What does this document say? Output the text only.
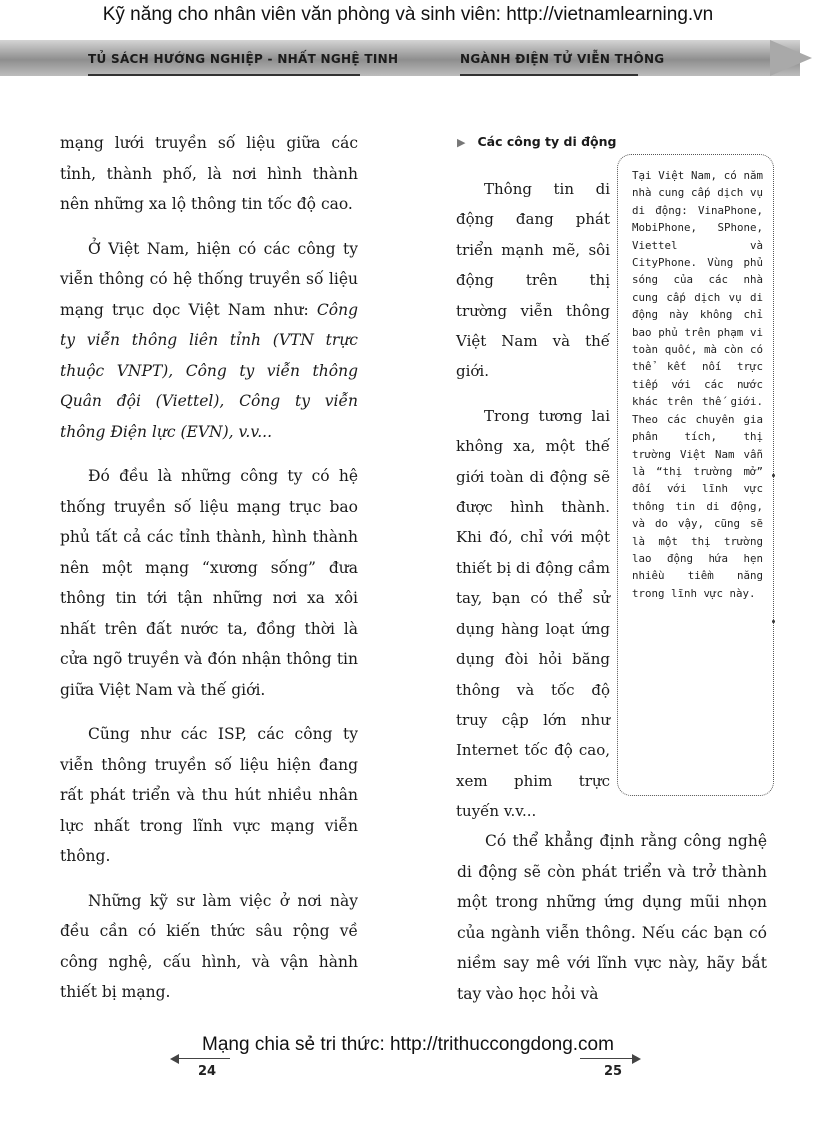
Kỹ năng cho nhân viên văn phòng và sinh viên: http://vietnamlearning.vn
TỦ SÁCH HƯỚNG NGHIỆP - NHẤT NGHỆ TINH	NGÀNH ĐIỆN TỬ VIỄN THÔNG

mạng lưới truyền số liệu giữa các tỉnh, thành phố, là nơi hình thành nên những xa lộ thông tin tốc độ cao.

Ở Việt Nam, hiện có các công ty viễn thông có hệ thống truyền số liệu mạng trục dọc Việt Nam như: Công ty viễn thông liên tỉnh (VTN trực thuộc VNPT), Công ty viễn thông Quân đội (Viettel), Công ty viễn thông Điện lực (EVN), v.v...

Đó đều là những công ty có hệ thống truyền số liệu mạng trục bao phủ tất cả các tỉnh thành, hình thành nên một mạng “xương sống” đưa thông tin tới tận những nơi xa xôi nhất trên đất nước ta, đồng thời là cửa ngõ truyền và đón nhận thông tin giữa Việt Nam và thế giới.

Cũng như các ISP, các công ty viễn thông truyền số liệu hiện đang rất phát triển và thu hút nhiều nhân lực nhất trong lĩnh vực mạng viễn thông.

Những kỹ sư làm việc ở nơi này đều cần có kiến thức sâu rộng về công nghệ, cấu hình, và vận hành thiết bị mạng.

▶ Các công ty di động

Thông tin di động đang phát triển mạnh mẽ, sôi động trên thị trường viễn thông Việt Nam và thế giới.

Trong tương lai không xa, một thế giới toàn di động sẽ được hình thành. Khi đó, chỉ với một thiết bị di động cầm tay, bạn có thể sử dụng hàng loạt ứng dụng đòi hỏi băng thông và tốc độ truy cập lớn như Internet tốc độ cao, xem phim trực tuyến v.v...

Tại Việt Nam, có năm nhà cung cấp dịch vụ di động: VinaPhone, MobiPhone, SPhone, Viettel và CityPhone. Vùng phủ sóng của các nhà cung cấp dịch vụ di động này không chỉ bao phủ trên phạm vi toàn quốc, mà còn có thể kết nối trực tiếp với các nước khác trên thế giới. Theo các chuyên gia phân tích, thị trường Việt Nam vẫn là “thị trường mở” đối với lĩnh vực thông tin di động, và do vậy, cũng sẽ là một thị trường lao động hứa hẹn nhiều tiềm năng trong lĩnh vực này.

Có thể khẳng định rằng công nghệ di động sẽ còn phát triển và trở thành một trong những ứng dụng mũi nhọn của ngành viễn thông. Nếu các bạn có niềm say mê với lĩnh vực này, hãy bắt tay vào học hỏi và

Mạng chia sẻ tri thức: http://trithuccongdong.com
24	25
